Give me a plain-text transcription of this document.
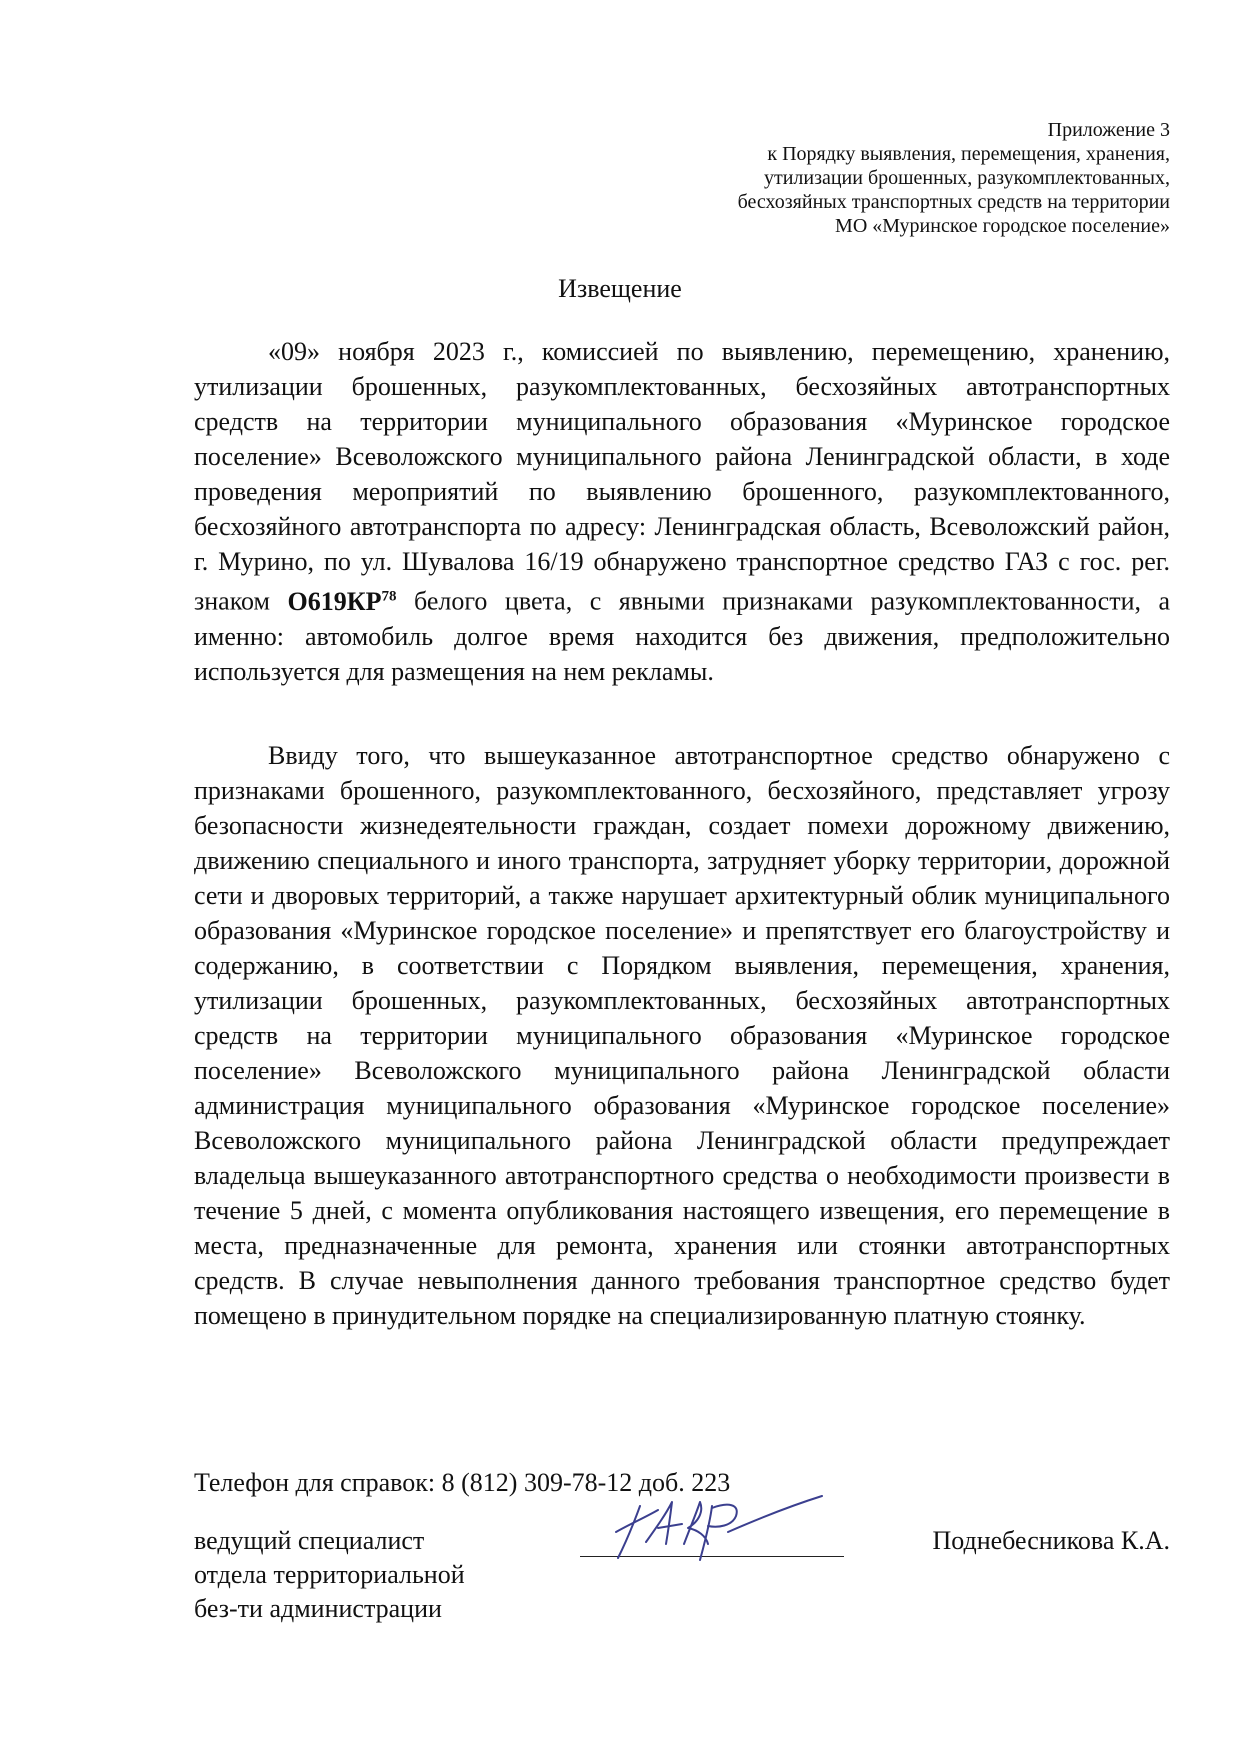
Приложение 3
к Порядку выявления, перемещения, хранения,
утилизации брошенных, разукомплектованных,
бесхозяйных транспортных средств на территории
МО «Муринское городское поселение»
Извещение
«09» ноября 2023 г., комиссией по выявлению, перемещению, хранению, утилизации брошенных, разукомплектованных, бесхозяйных автотранспортных средств на территории муниципального образования «Муринское городское поселение» Всеволожского муниципального района Ленинградской области, в ходе проведения мероприятий по выявлению брошенного, разукомплектованного, бесхозяйного автотранспорта по адресу: Ленинградская область, Всеволожский район, г. Мурино, по ул. Шувалова 16/19 обнаружено транспортное средство ГАЗ с гос. рег. знаком О619КР$^{78}$ белого цвета, с явными признаками разукомплектованности, а именно: автомобиль долгое время находится без движения, предположительно используется для размещения на нем рекламы.
Ввиду того, что вышеуказанное автотранспортное средство обнаружено с признаками брошенного, разукомплектованного, бесхозяйного, представляет угрозу безопасности жизнедеятельности граждан, создает помехи дорожному движению, движению специального и иного транспорта, затрудняет уборку территории, дорожной сети и дворовых территорий, а также нарушает архитектурный облик муниципального образования «Муринское городское поселение» и препятствует его благоустройству и содержанию, в соответствии с Порядком выявления, перемещения, хранения, утилизации брошенных, разукомплектованных, бесхозяйных автотранспортных средств на территории муниципального образования «Муринское городское поселение» Всеволожского муниципального района Ленинградской области администрация муниципального образования «Муринское городское поселение» Всеволожского муниципального района Ленинградской области предупреждает владельца вышеуказанного автотранспортного средства о необходимости произвести в течение 5 дней, с момента опубликования настоящего извещения, его перемещение в места, предназначенные для ремонта, хранения или стоянки автотранспортных средств. В случае невыполнения данного требования транспортное средство будет помещено в принудительном порядке на специализированную платную стоянку.
Телефон для справок: 8 (812) 309-78-12 доб. 223
ведущий специалист
отдела территориальной
без-ти администрации
Поднебесникова К.А.
